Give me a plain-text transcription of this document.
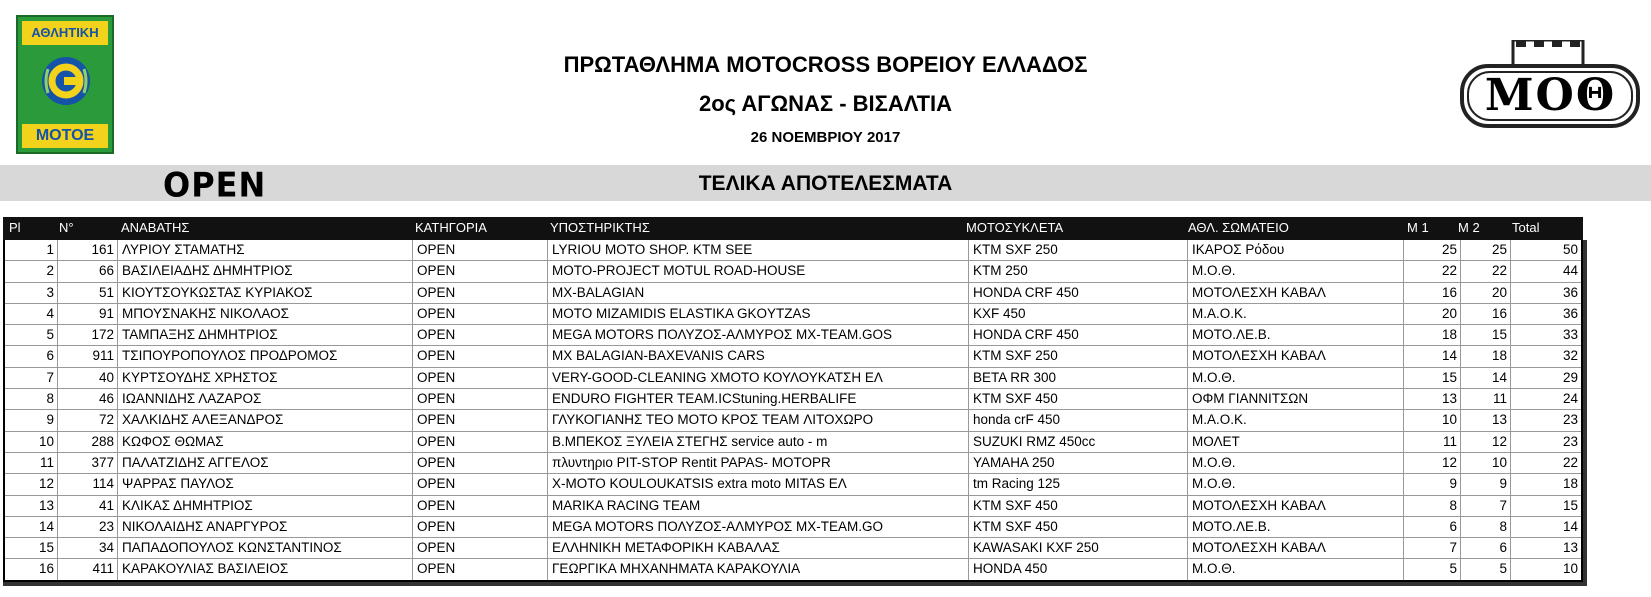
ΑΘΛΗΤΙΚΗ
ΜΟΤΟΕ
ΜΟΘ
ΠΡΩΤΑΘΛΗΜΑ MOTOCROSS ΒΟΡΕΙΟΥ ΕΛΛΑΔΟΣ
2ος ΑΓΩΝΑΣ - ΒΙΣΑΛΤΙΑ
26 ΝΟΕΜΒΡΙΟΥ 2017
OPEN	ΤΕΛΙΚΑ ΑΠΟΤΕΛΕΣΜΑΤΑ
Pl	N°	ΑΝΑΒΑΤΗΣ	ΚΑΤΗΓΟΡΙΑ	ΥΠΟΣΤΗΡΙΚΤΗΣ	ΜΟΤΟΣΥΚΛΕΤΑ	ΑΘΛ. ΣΩΜΑΤΕΙΟ	M 1 M 2 Total
1	161 ΛΥΡΙΟΥ ΣΤΑΜΑΤΗΣ	OPEN	LYRIOU MOTO SHOP. KTM SEE	KTM SXF 250	ΙΚΑΡΟΣ Ρόδου	25	25	50
2	66 ΒΑΣΙΛΕΙΑΔΗΣ ΔΗΜΗΤΡΙΟΣ	OPEN	MOTO-PROJECT MOTUL ROAD-HOUSE	KTM 250	Μ.Ο.Θ.	22	22	44
3	51 ΚΙΟΥΤΣΟΥΚΩΣΤΑΣ ΚΥΡΙΑΚΟΣ	OPEN	MX-BALAGIAN	HONDA CRF 450	ΜΟΤΟΛΕΣΧΗ ΚΑΒΑΛ	16	20	36
4	91 ΜΠΟΥΣΝΑΚΗΣ ΝΙΚΟΛΑΟΣ	OPEN	MOTO MIZAMIDIS ELASTIKA GKOYTZAS	KXF 450	Μ.Α.Ο.Κ.	20	16	36
5	172 ΤΑΜΠΑΞΗΣ ΔΗΜΗΤΡΙΟΣ	OPEN	MEGA MOTORS ΠΟΛΥΖΟΣ-ΑΛΜΥΡΟΣ MX-TEAM.GOS	HONDA CRF 450	ΜΟΤΟ.ΛΕ.Β.	18	15	33
6	911 ΤΣΙΠΟΥΡΟΠΟΥΛΟΣ ΠΡΟΔΡΟΜΟΣ	OPEN	MX BALAGIAN-BAXEVANIS CARS	KTM SXF 250	ΜΟΤΟΛΕΣΧΗ ΚΑΒΑΛ	14	18	32
7	40 ΚΥΡΤΣΟΥΔΗΣ ΧΡΗΣΤΟΣ	OPEN	VERY-GOOD-CLEANING ΧΜΟΤΟ ΚΟΥΛΟΥΚΑΤΣΗ ΕΛ	BETA RR 300	Μ.Ο.Θ.	15	14	29
8	46 ΙΩΑΝΝΙΔΗΣ ΛΑΖΑΡΟΣ	OPEN	ENDURO FIGHTER TEAM.ICStuning.HERBALIFE	KTM SXF 450	ΟΦΜ ΓΙΑΝΝΙΤΣΩΝ	13	11	24
9	72 ΧΑΛΚΙΔΗΣ ΑΛΕΞΑΝΔΡΟΣ	OPEN	ΓΛΥΚΟΓΙΑΝΗΣ ΤΕΟ ΜΟΤΟ ΚΡΟΣ TEAM ΛΙΤΟΧΩΡΟ	honda crF 450	Μ.Α.Ο.Κ.	10	13	23
10	288 ΚΩΦΟΣ ΘΩΜΑΣ	OPEN	Β.ΜΠΕΚΟΣ ΞΥΛΕΙΑ ΣΤΕΓΗΣ service auto - m	SUZUKI RMZ 450cc	ΜΟΛΕΤ	11	12	23
11	377 ΠΑΛΑΤΖΙΔΗΣ ΑΓΓΕΛΟΣ	OPEN	πλυντηριο PIT-STOP Rentit PAPAS- MOTOPR	YAMAHA 250	Μ.Ο.Θ.	12	10	22
12	114 ΨΑΡΡΑΣ ΠΑΥΛΟΣ	OPEN	X-MOTO KOULOUKATSIS extra moto MITAS ΕΛ	tm Racing 125	Μ.Ο.Θ.	9	9	18
13	41 ΚΛΙΚΑΣ ΔΗΜΗΤΡΙΟΣ	OPEN	MARIKA RACING TEAM	KTM SXF 450	ΜΟΤΟΛΕΣΧΗ ΚΑΒΑΛ	8	7	15
14	23 ΝΙΚΟΛΑΙΔΗΣ ΑΝΑΡΓΥΡΟΣ	OPEN	MEGA MOTORS ΠΟΛΥΖΟΣ-ΑΛΜΥΡΟΣ MX-TEAM.GO	KTM SXF 450	ΜΟΤΟ.ΛΕ.Β.	6	8	14
15	34 ΠΑΠΑΔΟΠΟΥΛΟΣ ΚΩΝΣΤΑΝΤΙΝΟΣ	OPEN	ΕΛΛΗΝΙΚΗ ΜΕΤΑΦΟΡΙΚΗ ΚΑΒΑΛΑΣ	KAWASAKI KXF 250	ΜΟΤΟΛΕΣΧΗ ΚΑΒΑΛ	7	6	13
16	411 ΚΑΡΑΚΟΥΛΙΑΣ ΒΑΣΙΛΕΙΟΣ	OPEN	ΓΕΩΡΓΙΚΑ ΜΗΧΑΝΗΜΑΤΑ ΚΑΡΑΚΟΥΛΙΑ	HONDA 450	Μ.Ο.Θ.	5	5	10
